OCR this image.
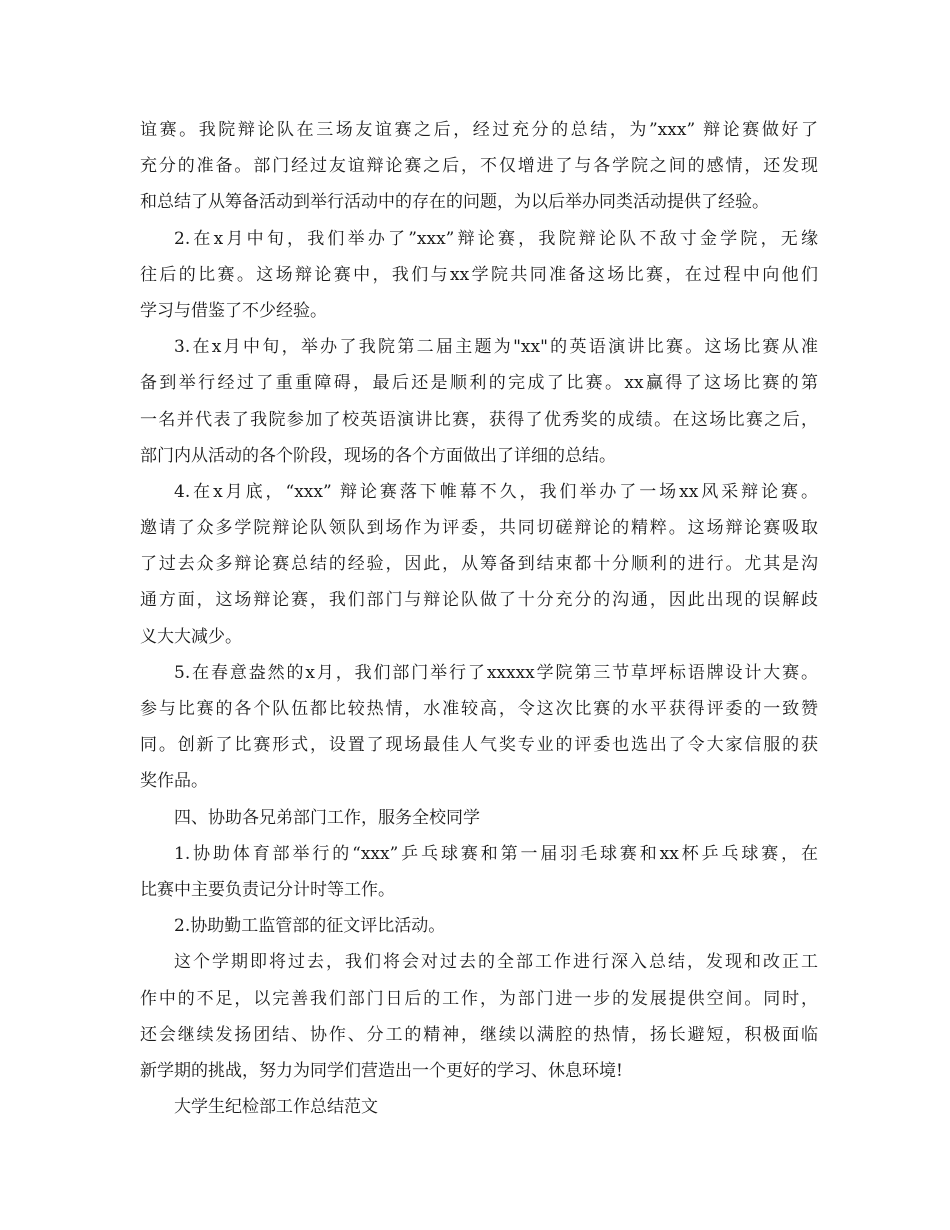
谊赛。我院辩论队在三场友谊赛之后，经过充分的总结，为”xxx” 辩论赛做好了
充分的准备。部门经过友谊辩论赛之后，不仅增进了与各学院之间的感情，还发现
和总结了从筹备活动到举行活动中的存在的问题，为以后举办同类活动提供了经验。
2.在x月中旬，我们举办了”xxx”辩论赛，我院辩论队不敌寸金学院，无缘
往后的比赛。这场辩论赛中，我们与xx学院共同准备这场比赛，在过程中向他们
学习与借鉴了不少经验。
3.在x月中旬，举办了我院第二届主题为"xx"的英语演讲比赛。这场比赛从准
备到举行经过了重重障碍，最后还是顺利的完成了比赛。xx赢得了这场比赛的第
一名并代表了我院参加了校英语演讲比赛，获得了优秀奖的成绩。在这场比赛之后，
部门内从活动的各个阶段，现场的各个方面做出了详细的总结。
4.在x月底，“xxx” 辩论赛落下帷幕不久，我们举办了一场xx风采辩论赛。
邀请了众多学院辩论队领队到场作为评委，共同切磋辩论的精粹。这场辩论赛吸取
了过去众多辩论赛总结的经验，因此，从筹备到结束都十分顺利的进行。尤其是沟
通方面，这场辩论赛，我们部门与辩论队做了十分充分的沟通，因此出现的误解歧
义大大减少。
5.在春意盎然的x月，我们部门举行了xxxxx学院第三节草坪标语牌设计大赛。
参与比赛的各个队伍都比较热情，水准较高，令这次比赛的水平获得评委的一致赞
同。创新了比赛形式，设置了现场最佳人气奖专业的评委也选出了令大家信服的获
奖作品。
四、协助各兄弟部门工作，服务全校同学
1.协助体育部举行的“xxx”乒乓球赛和第一届羽毛球赛和xx杯乒乓球赛，在
比赛中主要负责记分计时等工作。
2.协助勤工监管部的征文评比活动。
这个学期即将过去，我们将会对过去的全部工作进行深入总结，发现和改正工
作中的不足，以完善我们部门日后的工作，为部门进一步的发展提供空间。同时，
还会继续发扬团结、协作、分工的精神，继续以满腔的热情，扬长避短，积极面临
新学期的挑战，努力为同学们营造出一个更好的学习、休息环境!
大学生纪检部工作总结范文
